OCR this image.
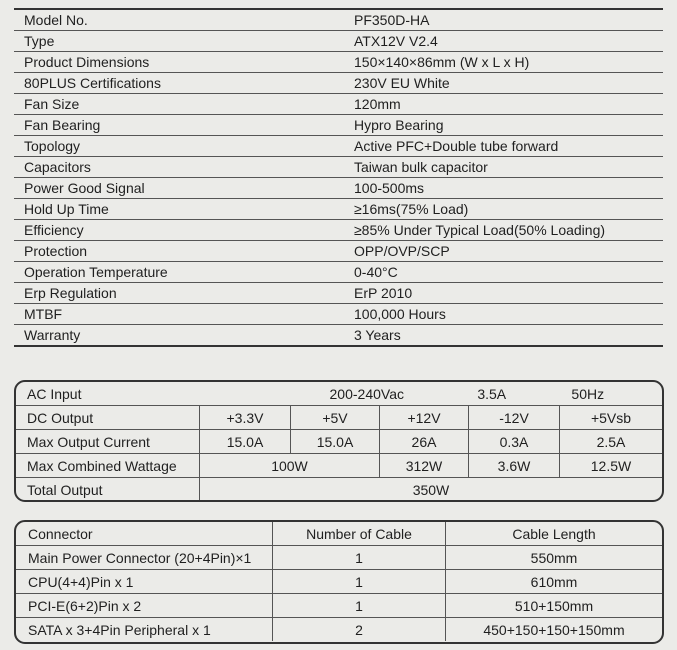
Model No.	PF350D-HA
Type	ATX12V V2.4
Product Dimensions	150×140×86mm (W x L x H)
80PLUS Certifications	230V EU White
Fan Size	120mm
Fan Bearing	Hypro Bearing
Topology	Active PFC+Double tube forward
Capacitors	Taiwan bulk capacitor
Power Good Signal	100-500ms
Hold Up Time	≥16ms(75% Load)
Efficiency	≥85% Under Typical Load(50% Loading)
Protection	OPP/OVP/SCP
Operation Temperature	0-40°C
Erp Regulation	ErP 2010
MTBF	100,000 Hours
Warranty	3 Years
AC Input	200-240Vac 3.5A 50Hz				
DC Output	+3.3V	+5V	+12V	-12V	+5Vsb
Max Output Current	15.0A	15.0A	26A	0.3A	2.5A
Max Combined Wattage	100W		312W	3.6W	12.5W
Total Output	350W				
Connector	Number of Cable	Cable Length
Main Power Connector (20+4Pin)×1	1	550mm
CPU(4+4)Pin x 1	1	610mm
PCI-E(6+2)Pin x 2	1	510+150mm
SATA x 3+4Pin Peripheral x 1	2	450+150+150+150mm
